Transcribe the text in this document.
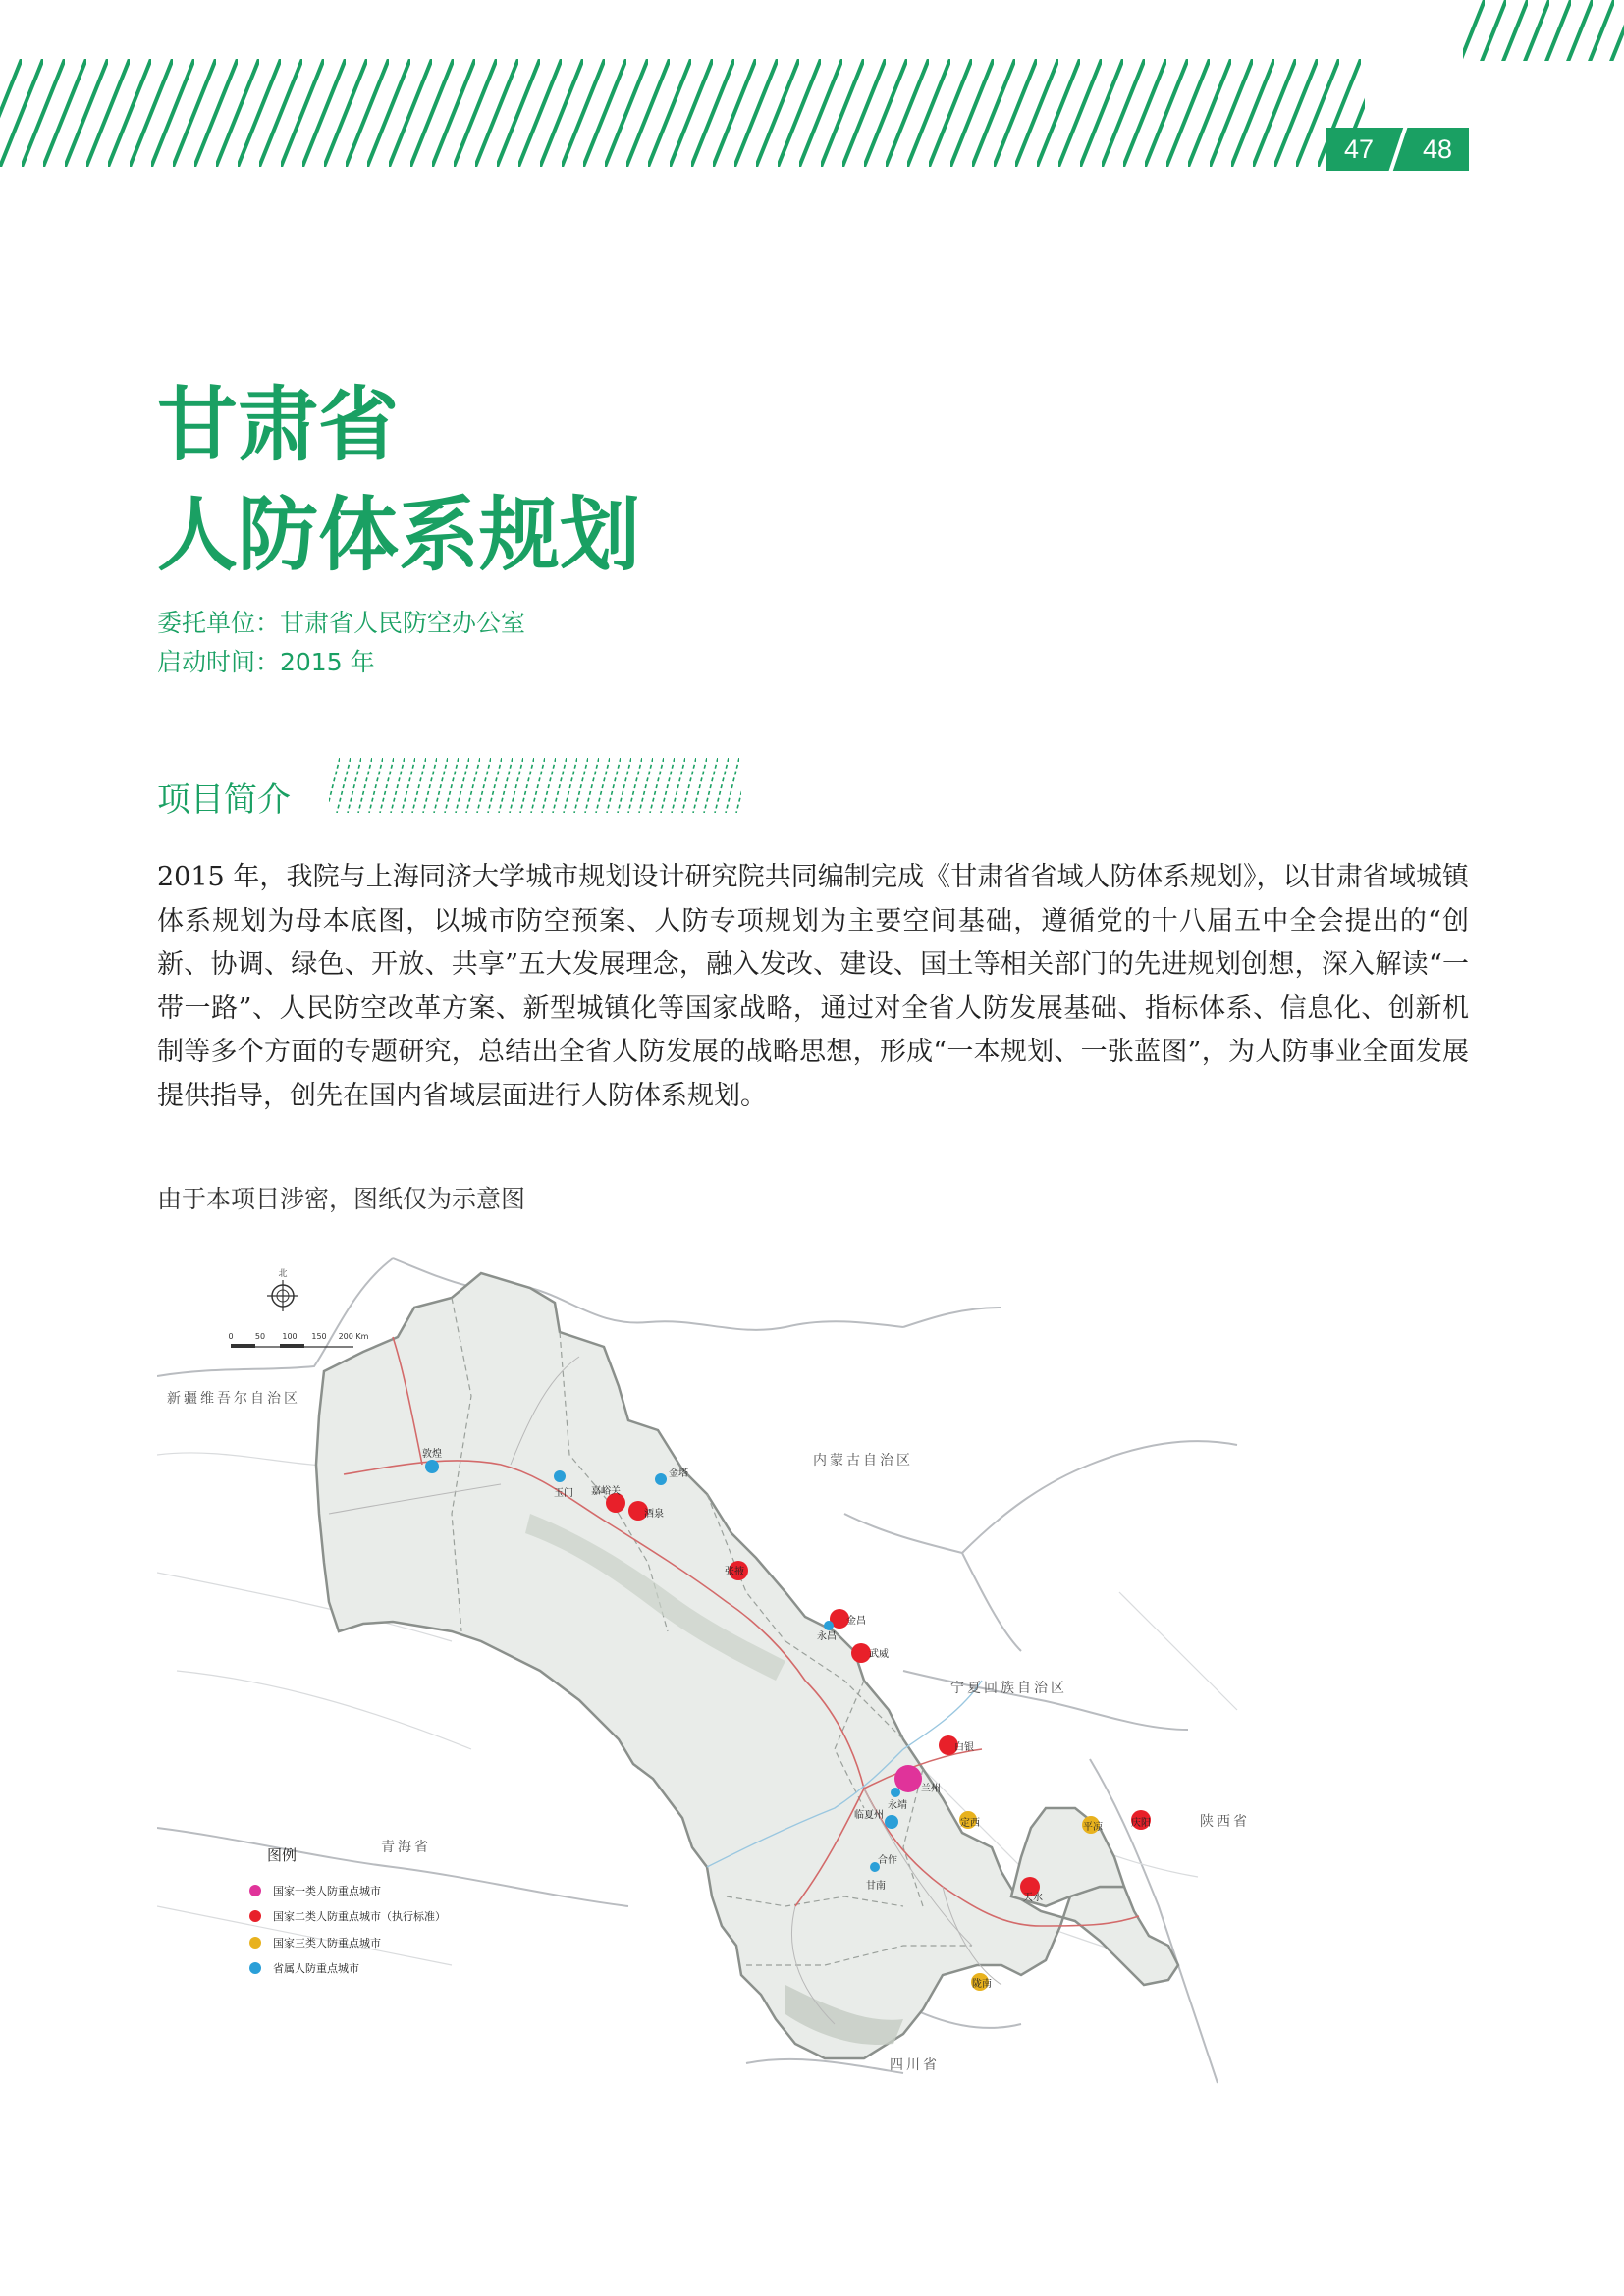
47	48
甘肃省
人防体系规划
委托单位：甘肃省人民防空办公室
启动时间：2015 年
项目简介
2015 年，我院与上海同济大学城市规划设计研究院共同编制完成《甘肃省省域人防体系规划》，以甘肃省域城镇体系规划为母本底图，以城市防空预案、人防专项规划为主要空间基础，遵循党的十八届五中全会提出的“创新、协调、绿色、开放、共享”五大发展理念，融入发改、建设、国土等相关部门的先进规划创想，深入解读“一带一路”、人民防空改革方案、新型城镇化等国家战略，通过对全省人防发展基础、指标体系、信息化、创新机制等多个方面的专题研究，总结出全省人防发展的战略思想，形成“一本规划、一张蓝图”，为人防事业全面发展提供指导，创先在国内省域层面进行人防体系规划。
由于本项目涉密，图纸仅为示意图
北
0	50 100 150 200 Km
新疆维吾尔自治区
内蒙古自治区
宁夏回族自治区
青海省
陕西省
四川省
敦煌
玉门
金塔
嘉峪关
酒泉
张掖
金昌
永昌
武威
白银
兰州
永靖
临夏州
定西	平凉	庆阳
合作
甘南
天水
陇南
图例
国家一类人防重点城市
国家二类人防重点城市（执行标准）
国家三类人防重点城市
省属人防重点城市
